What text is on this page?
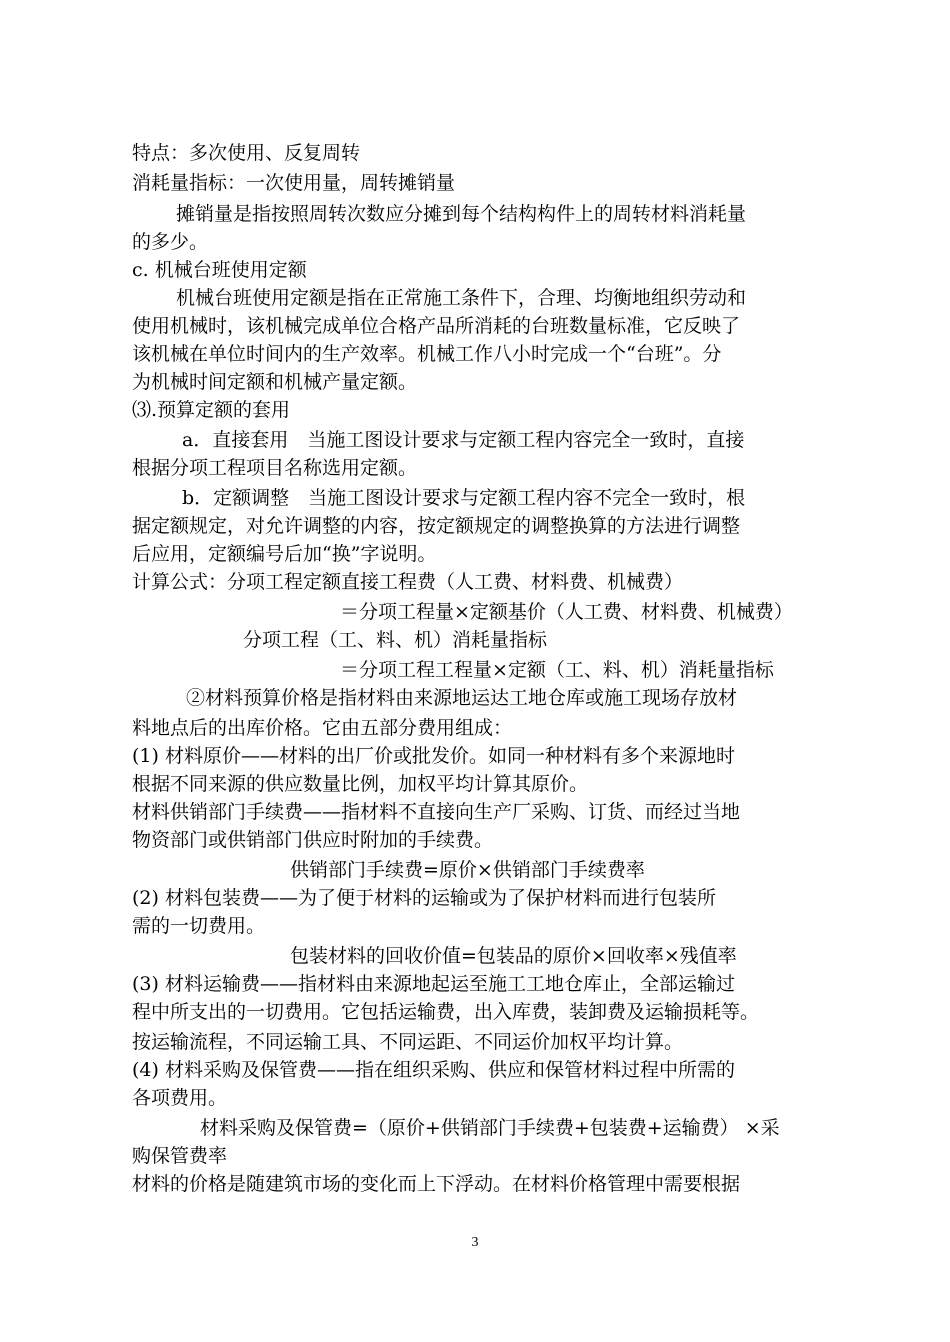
特点：多次使用、反复周转
消耗量指标：一次使用量，周转摊销量
摊销量是指按照周转次数应分摊到每个结构构件上的周转材料消耗量
的多少。
c. 机械台班使用定额
机械台班使用定额是指在正常施工条件下，合理、均衡地组织劳动和
使用机械时，该机械完成单位合格产品所消耗的台班数量标准，它反映了
该机械在单位时间内的生产效率。机械工作八小时完成一个“台班”。分
为机械时间定额和机械产量定额。
⑶.预算定额的套用
a．直接套用　当施工图设计要求与定额工程内容完全一致时，直接
根据分项工程项目名称选用定额。
b．定额调整　当施工图设计要求与定额工程内容不完全一致时，根
据定额规定，对允许调整的内容，按定额规定的调整换算的方法进行调整
后应用，定额编号后加“换”字说明。
计算公式：分项工程定额直接工程费（人工费、材料费、机械费）
＝分项工程量×定额基价（人工费、材料费、机械费）
分项工程（工、料、机）消耗量指标
＝分项工程工程量×定额（工、料、机）消耗量指标
②材料预算价格是指材料由来源地运达工地仓库或施工现场存放材
料地点后的出库价格。它由五部分费用组成：
(1) 材料原价——材料的出厂价或批发价。如同一种材料有多个来源地时
根据不同来源的供应数量比例，加权平均计算其原价。
材料供销部门手续费——指材料不直接向生产厂采购、订货、而经过当地
物资部门或供销部门供应时附加的手续费。
供销部门手续费=原价×供销部门手续费率
(2) 材料包装费——为了便于材料的运输或为了保护材料而进行包装所
需的一切费用。
包装材料的回收价值=包装品的原价×回收率×残值率
(3) 材料运输费——指材料由来源地起运至施工工地仓库止，全部运输过
程中所支出的一切费用。它包括运输费，出入库费，装卸费及运输损耗等。
按运输流程，不同运输工具、不同运距、不同运价加权平均计算。
(4) 材料采购及保管费——指在组织采购、供应和保管材料过程中所需的
各项费用。
材料采购及保管费=（原价+供销部门手续费+包装费+运输费） ×采
购保管费率
材料的价格是随建筑市场的变化而上下浮动。在材料价格管理中需要根据
3
